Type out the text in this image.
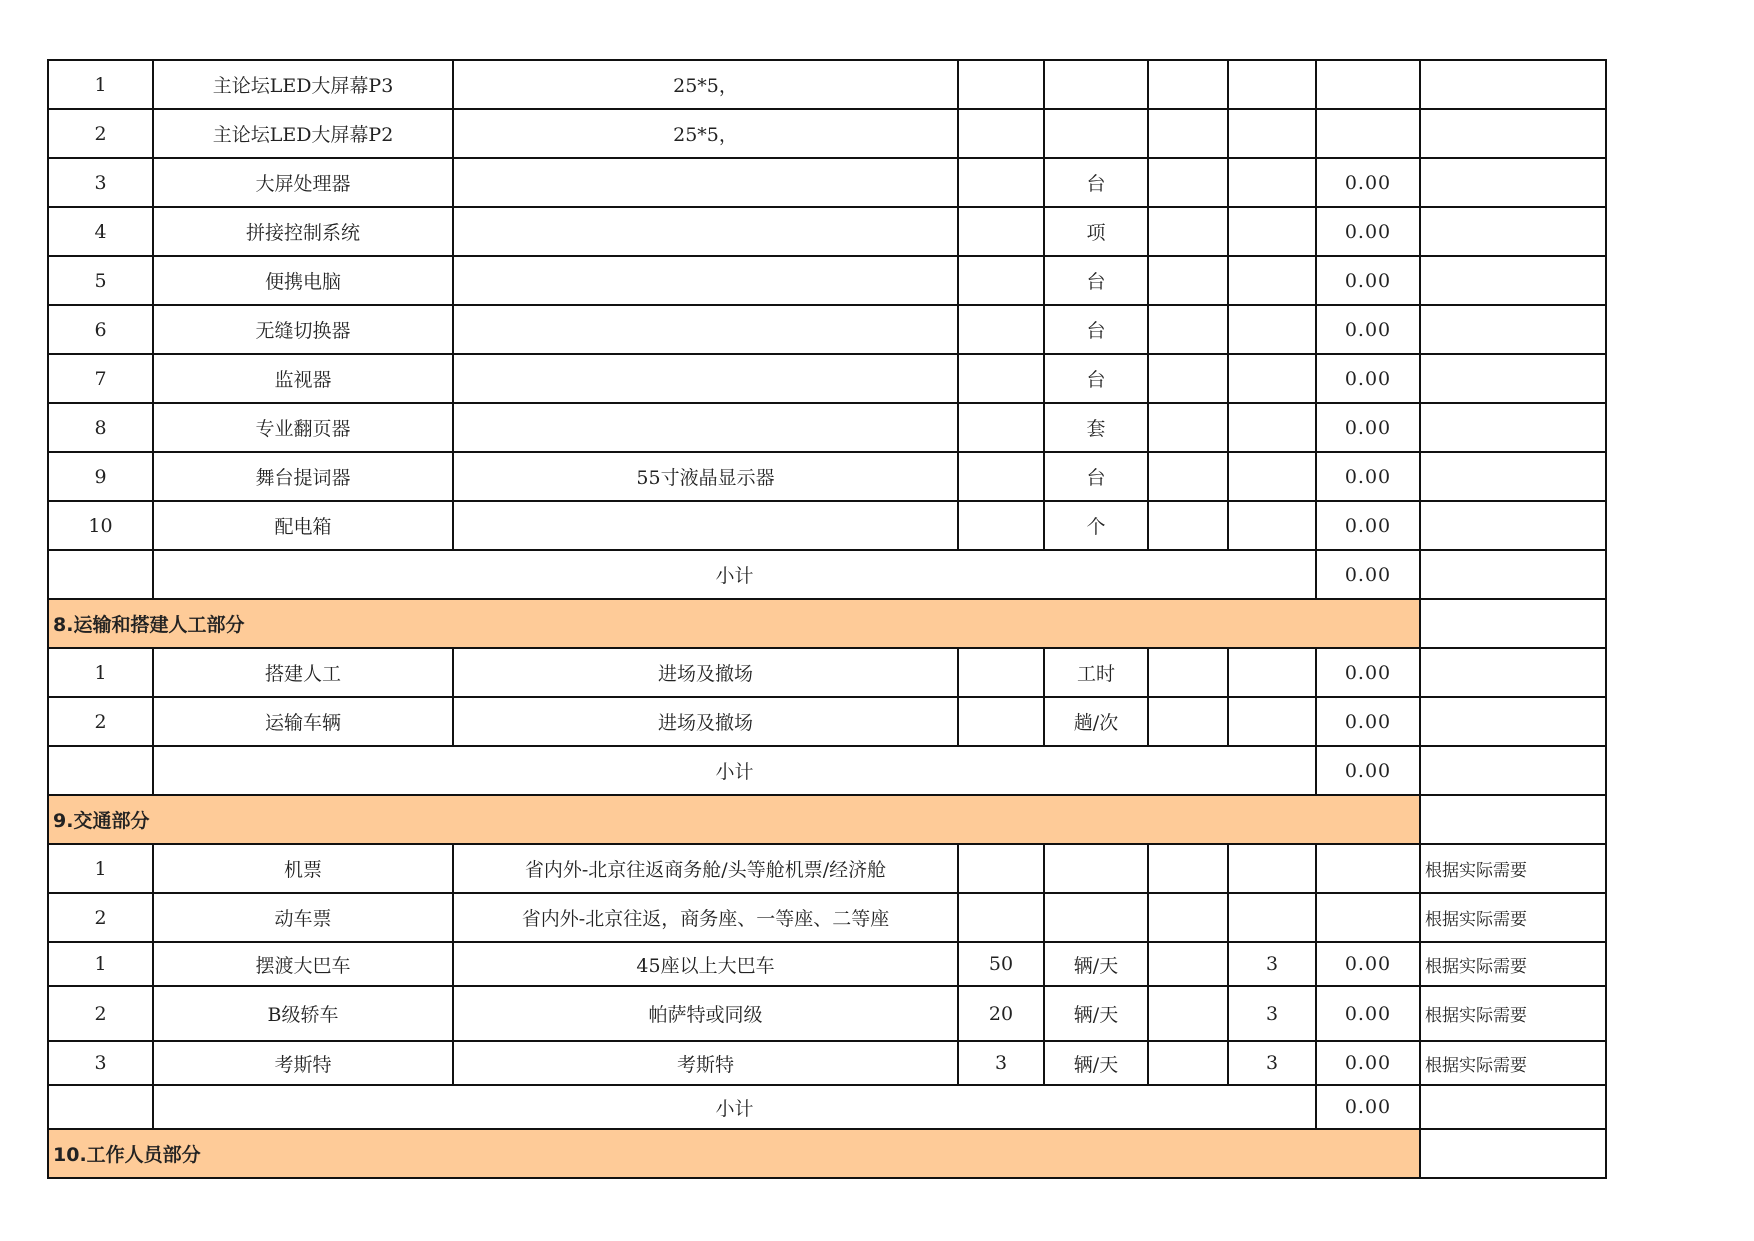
1	主论坛LED大屏幕P3	25*5，						
2	主论坛LED大屏幕P2	25*5，						
3	大屏处理器			台			0.00	
4	拼接控制系统			项			0.00	
5	便携电脑			台			0.00	
6	无缝切换器			台			0.00	
7	监视器			台			0.00	
8	专业翻页器			套			0.00	
9	舞台提词器	55寸液晶显示器		台			0.00	
10	配电箱			个			0.00	
	小计						0.00	
8.运输和搭建人工部分								
1	搭建人工	进场及撤场		工时			0.00	
2	运输车辆	进场及撤场		趟/次			0.00	
	小计						0.00	
9.交通部分								
1	机票	省内外-北京往返商务舱/头等舱机票/经济舱						根据实际需要
2	动车票	省内外-北京往返，商务座、一等座、二等座						根据实际需要
1	摆渡大巴车	45座以上大巴车	50	辆/天		3	0.00	根据实际需要
2	B级轿车	帕萨特或同级	20	辆/天		3	0.00	根据实际需要
3	考斯特	考斯特	3	辆/天		3	0.00	根据实际需要
	小计						0.00	
10.工作人员部分								
